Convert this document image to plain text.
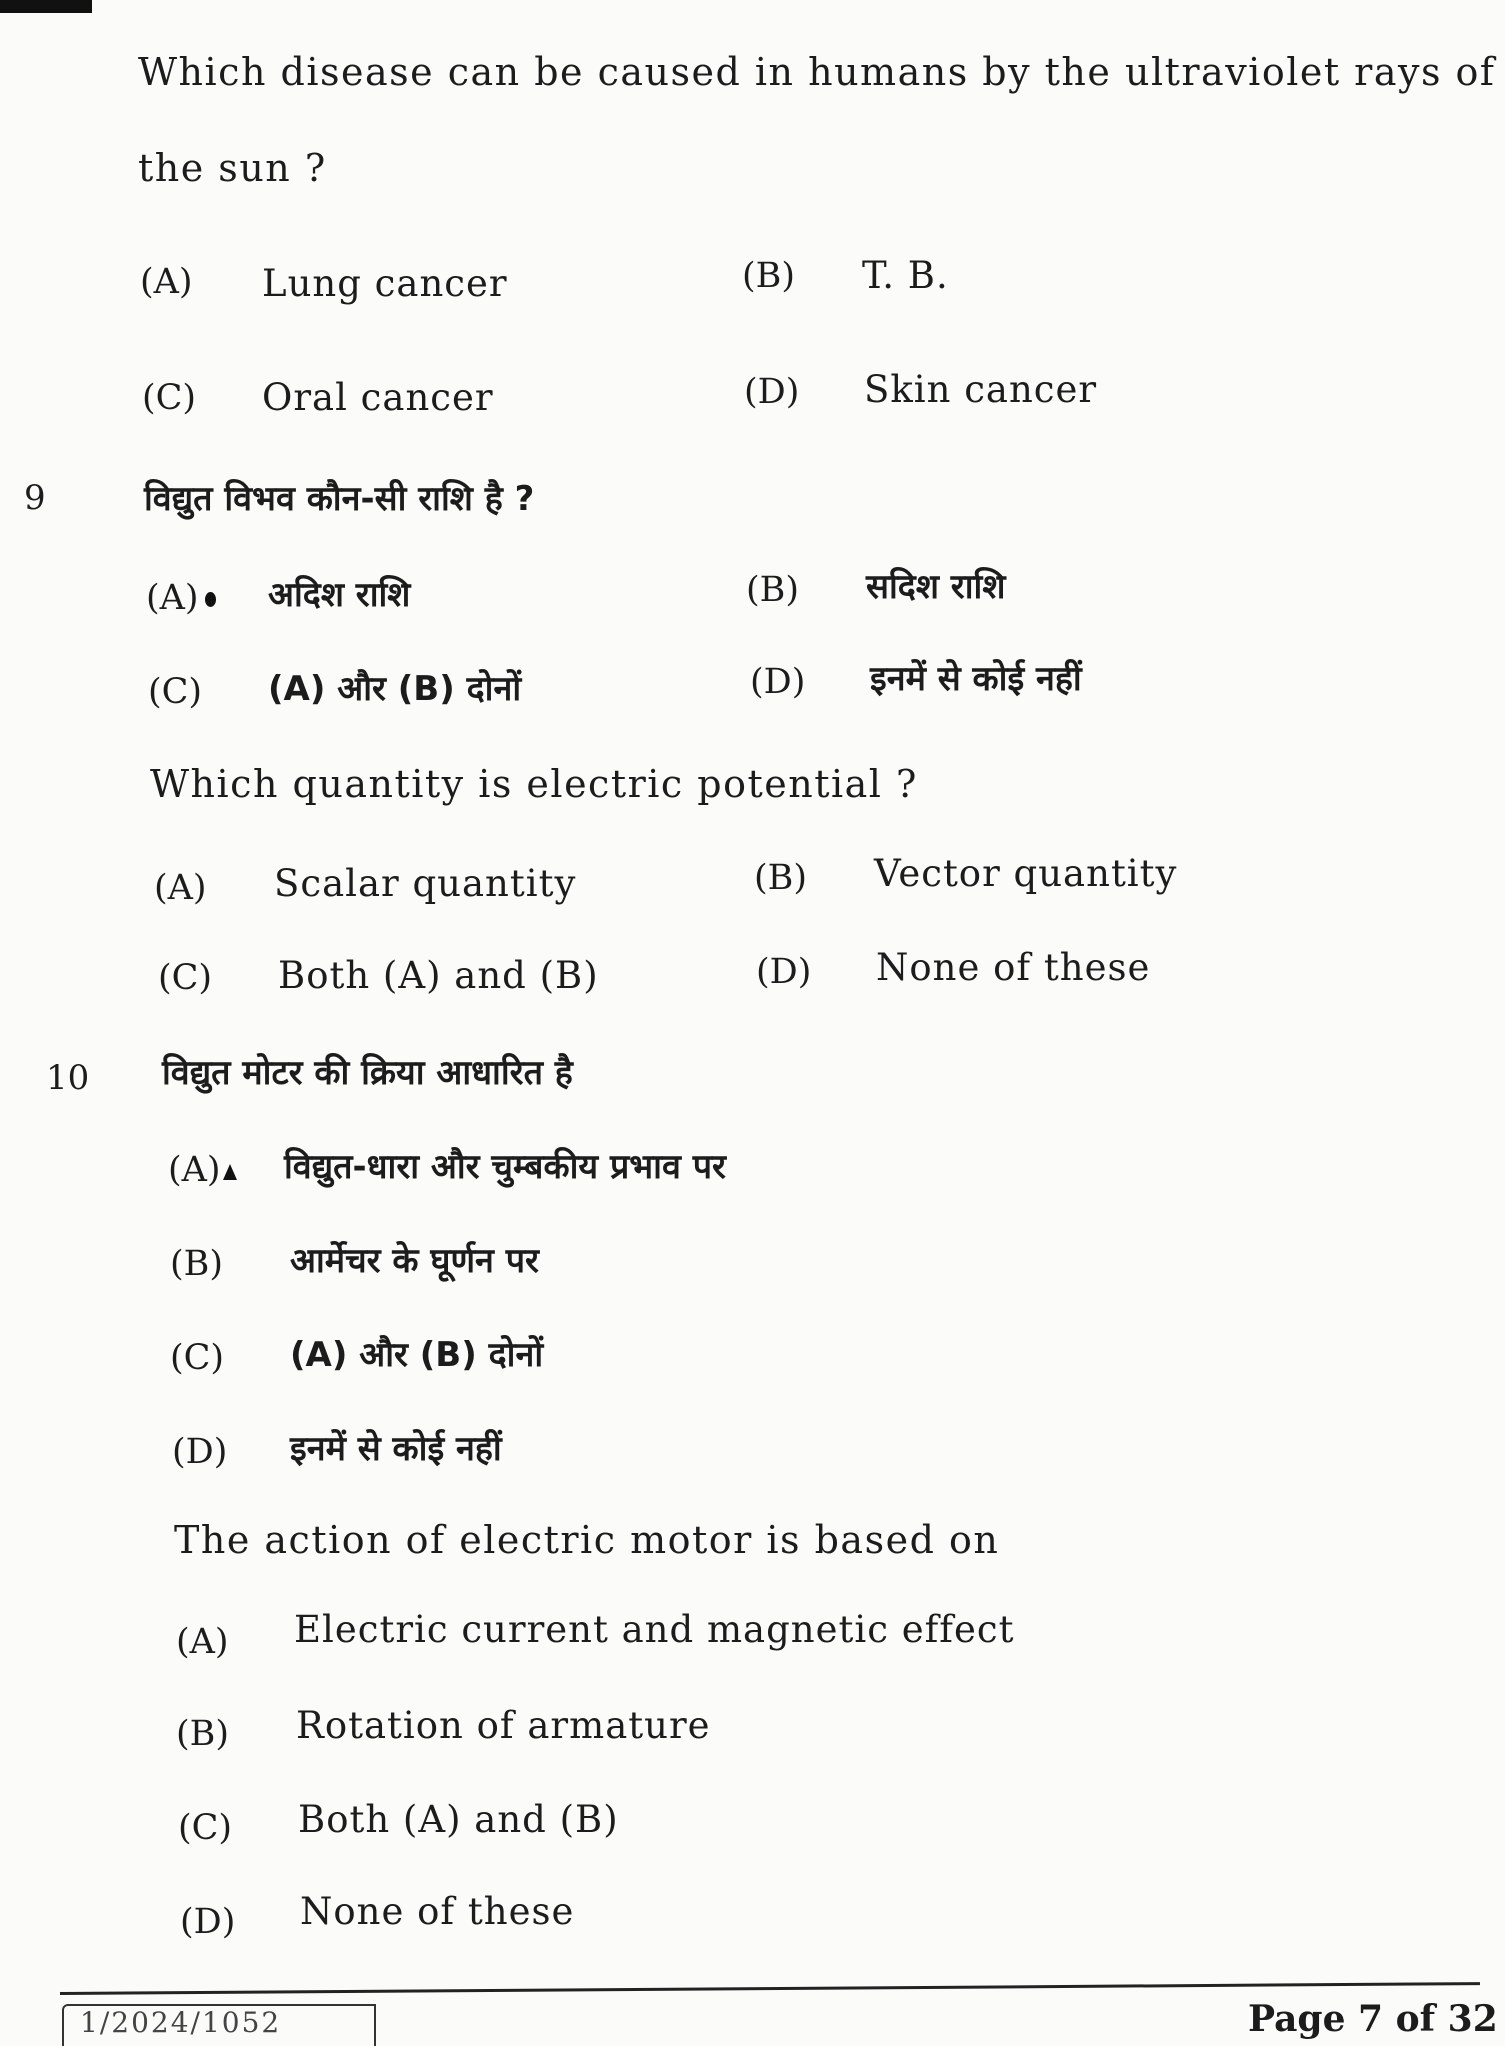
Which disease can be caused in humans by the ultraviolet rays of
the sun ?
(A) Lung cancer	(B) T. B.
(C) Oral cancer	(D) Skin cancer
9	विद्युत विभव कौन-सी राशि है ?
(A)	अदिश राशि	(B) सदिश राशि
(C) (A) और (B) दोनों	(D) इनमें से कोई नहीं
Which quantity is electric potential ?
(A) Scalar quantity	(B) Vector quantity
(C) Both (A) and (B)	(D) None of these
10 विद्युत मोटर की क्रिया आधारित है
(A)	विद्युत-धारा और चुम्बकीय प्रभाव पर
(B) आर्मेचर के घूर्णन पर
(C) (A) और (B) दोनों
(D) इनमें से कोई नहीं
The action of electric motor is based on
(A) Electric current and magnetic effect
(B) Rotation of armature
(C) Both (A) and (B)
(D) None of these
1/2024/1052	Page 7 of 32
